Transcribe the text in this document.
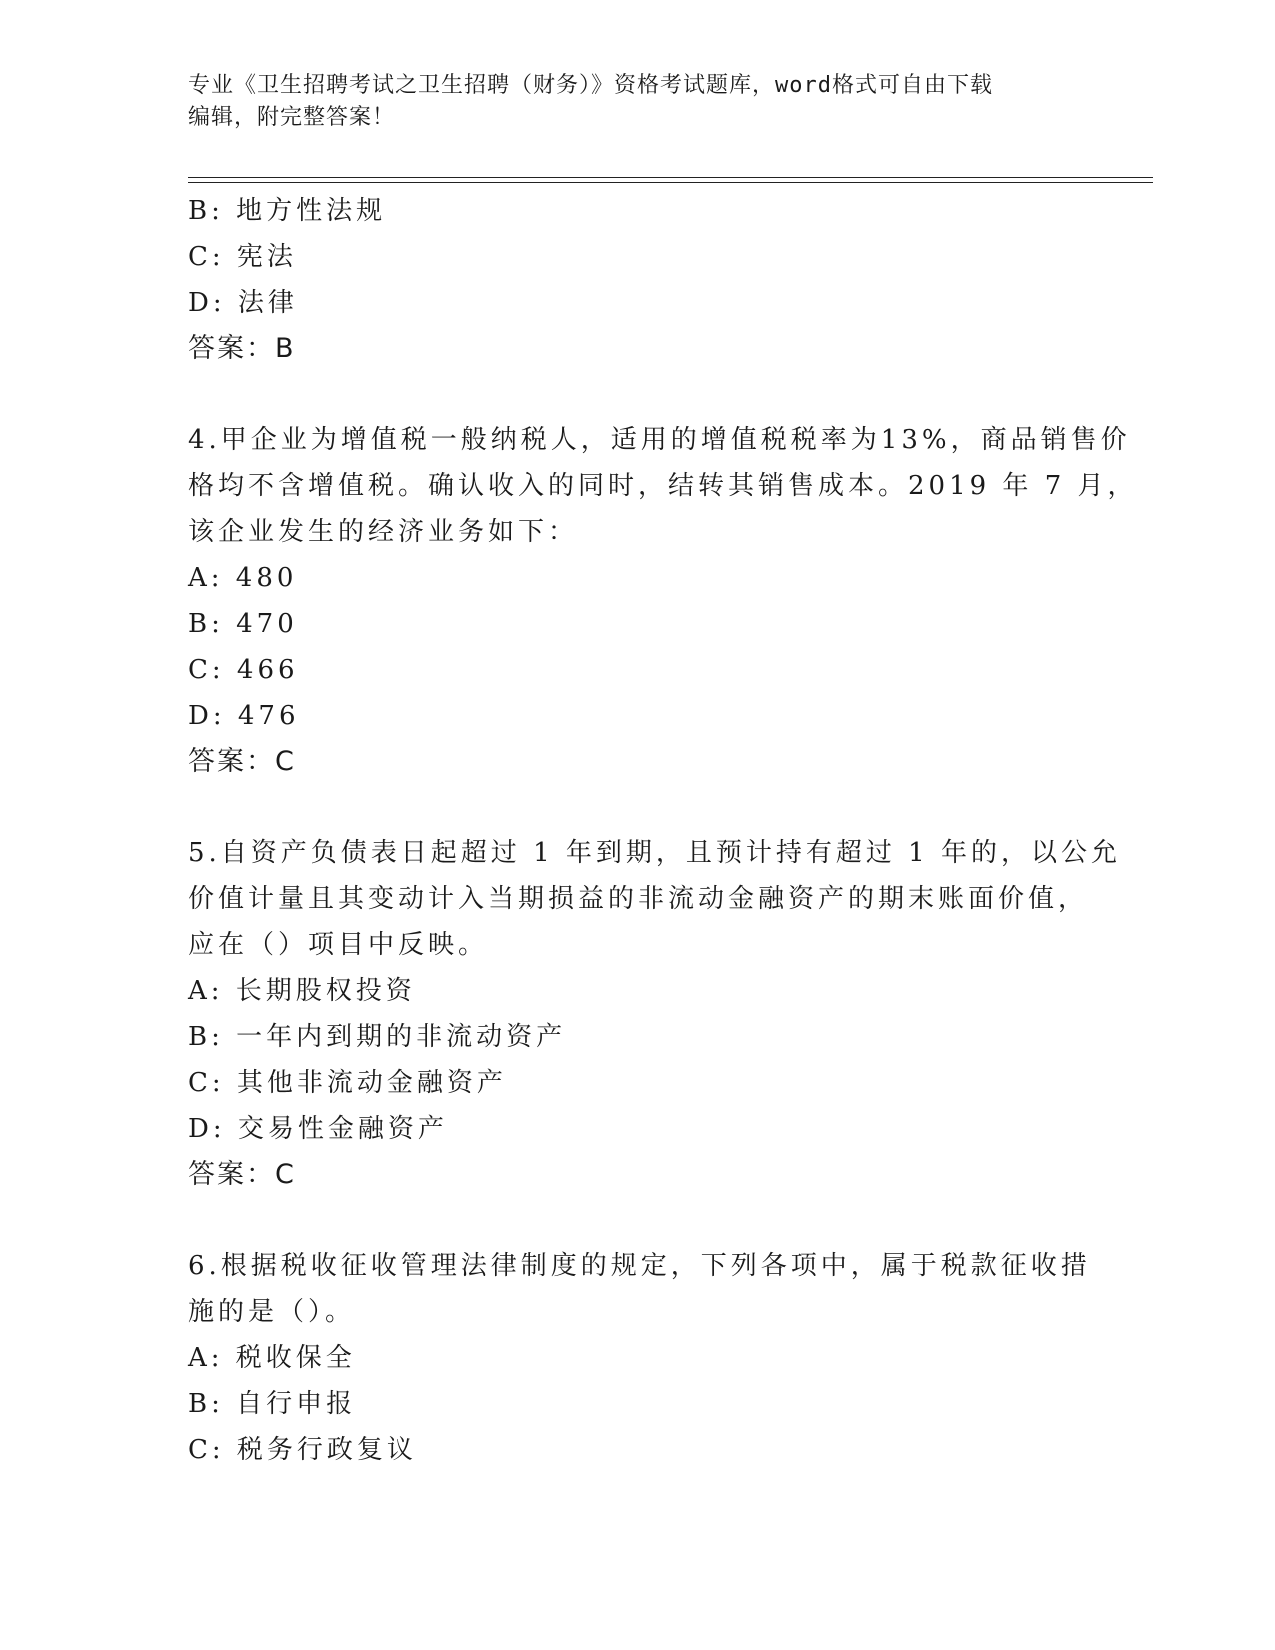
专业《卫生招聘考试之卫生招聘（财务）》资格考试题库，word格式可自由下载
编辑，附完整答案！
B: 地方性法规
C: 宪法
D: 法律
答案：B
4.甲企业为增值税一般纳税人，适用的增值税税率为13%，商品销售价
格均不含增值税。确认收入的同时，结转其销售成本。2019 年 7 月，
该企业发生的经济业务如下：
A: 480
B: 470
C: 466
D: 476
答案：C
5.自资产负债表日起超过 1 年到期，且预计持有超过 1 年的，以公允
价值计量且其变动计入当期损益的非流动金融资产的期末账面价值，
应在（）项目中反映。
A: 长期股权投资
B: 一年内到期的非流动资产
C: 其他非流动金融资产
D: 交易性金融资产
答案：C
6.根据税收征收管理法律制度的规定，下列各项中，属于税款征收措
施的是（）。
A: 税收保全
B: 自行申报
C: 税务行政复议
